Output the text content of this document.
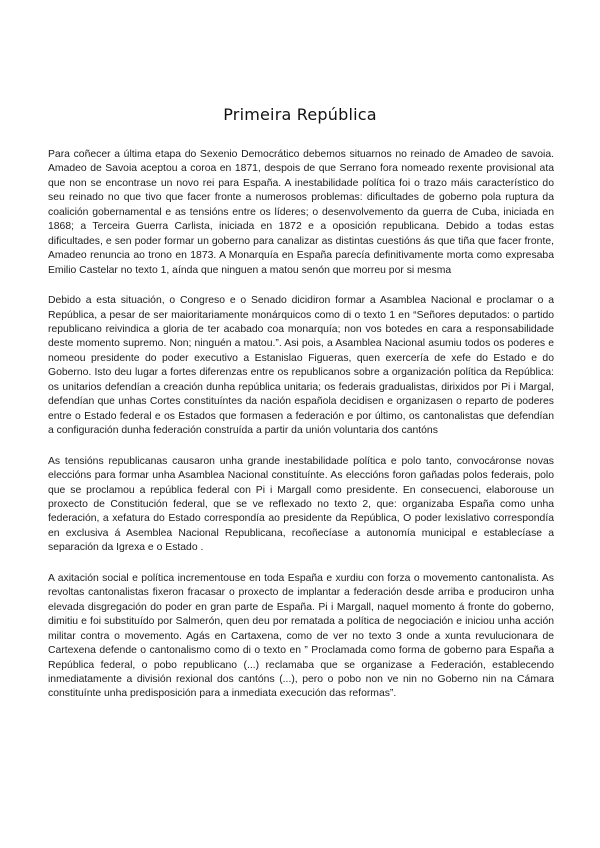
Primeira República

Para coñecer a última etapa do Sexenio Democrático debemos situarnos no reinado de Amadeo de savoia. Amadeo de Savoia aceptou a coroa en 1871, despois de que Serrano fora nomeado rexente provisional ata que non se encontrase un novo rei para España. A inestabilidade política foi o trazo máis característico do seu reinado no que tivo que facer fronte a numerosos problemas: dificultades de goberno pola ruptura da coalición gobernamental e as tensións entre os líderes; o desenvolvemento da guerra de Cuba, iniciada en 1868; a Terceira Guerra Carlista, iniciada en 1872 e a oposición republicana. Debido a todas estas dificultades, e sen poder formar un goberno para canalizar as distintas cuestións ás que tiña que facer fronte, Amadeo renuncia ao trono en 1873. A Monarquía en España parecía definitivamente morta como expresaba Emilio Castelar no texto 1, aínda que ninguen a matou senón que morreu por si mesma

Debido a esta situación, o Congreso e o Senado dicidiron formar a Asamblea Nacional e proclamar o a República, a pesar de ser maioritariamente monárquicos como di o texto 1 en “Señores deputados: o partido republicano reivindica a gloria de ter acabado coa monarquía; non vos botedes en cara a responsabilidade deste momento supremo. Non; ninguén a matou.”. Asi pois, a Asamblea Nacional asumiu todos os poderes e nomeou presidente do poder executivo a Estanislao Figueras, quen exercería de xefe do Estado e do Goberno. Isto deu lugar a fortes diferenzas entre os republicanos sobre a organización política da República: os unitarios defendían a creación dunha república unitaria; os federais gradualistas, dirixidos por Pi i Margal, defendían que unhas Cortes constituíntes da nación española decidisen e organizasen o reparto de poderes entre o Estado federal e os Estados que formasen a federación e por último, os cantonalistas que defendían a configuración dunha federación construída a partir da unión voluntaria dos cantóns

As tensións republicanas causaron unha grande inestabilidade política e polo tanto, convocáronse novas eleccións para formar unha Asamblea Nacional constituínte. As eleccións foron gañadas polos federais, polo que se proclamou a república federal con Pi i Margall como presidente. En consecuenci, elaborouse un proxecto de Constitución federal, que se ve reflexado no texto 2, que: organizaba España como unha federación, a xefatura do Estado correspondía ao presidente da República, O poder lexislativo correspondía en exclusiva á Asemblea Nacional Republicana, recoñecíase a autonomía municipal e establecíase a separación da Igrexa e o Estado .

A axitación social e política incrementouse en toda España e xurdiu con forza o movemento cantonalista. As revoltas cantonalistas fixeron fracasar o proxecto de implantar a federación desde arriba e produciron unha elevada disgregación do poder en gran parte de España. Pi i Margall, naquel momento á fronte do goberno, dimitiu e foi substituído por Salmerón, quen deu por rematada a política de negociación e iniciou unha acción militar contra o movemento. Agás en Cartaxena, como de ver no texto 3 onde a xunta revulucionara de Cartexena defende o cantonalismo como di o texto en ” Proclamada como forma de goberno para España a República federal, o pobo republicano (...) reclamaba que se organizase a Federación, establecendo inmediatamente a división rexional dos cantóns (...), pero o pobo non ve nin no Goberno nin na Cámara constituínte unha predisposición para a inmediata execución das reformas”.
